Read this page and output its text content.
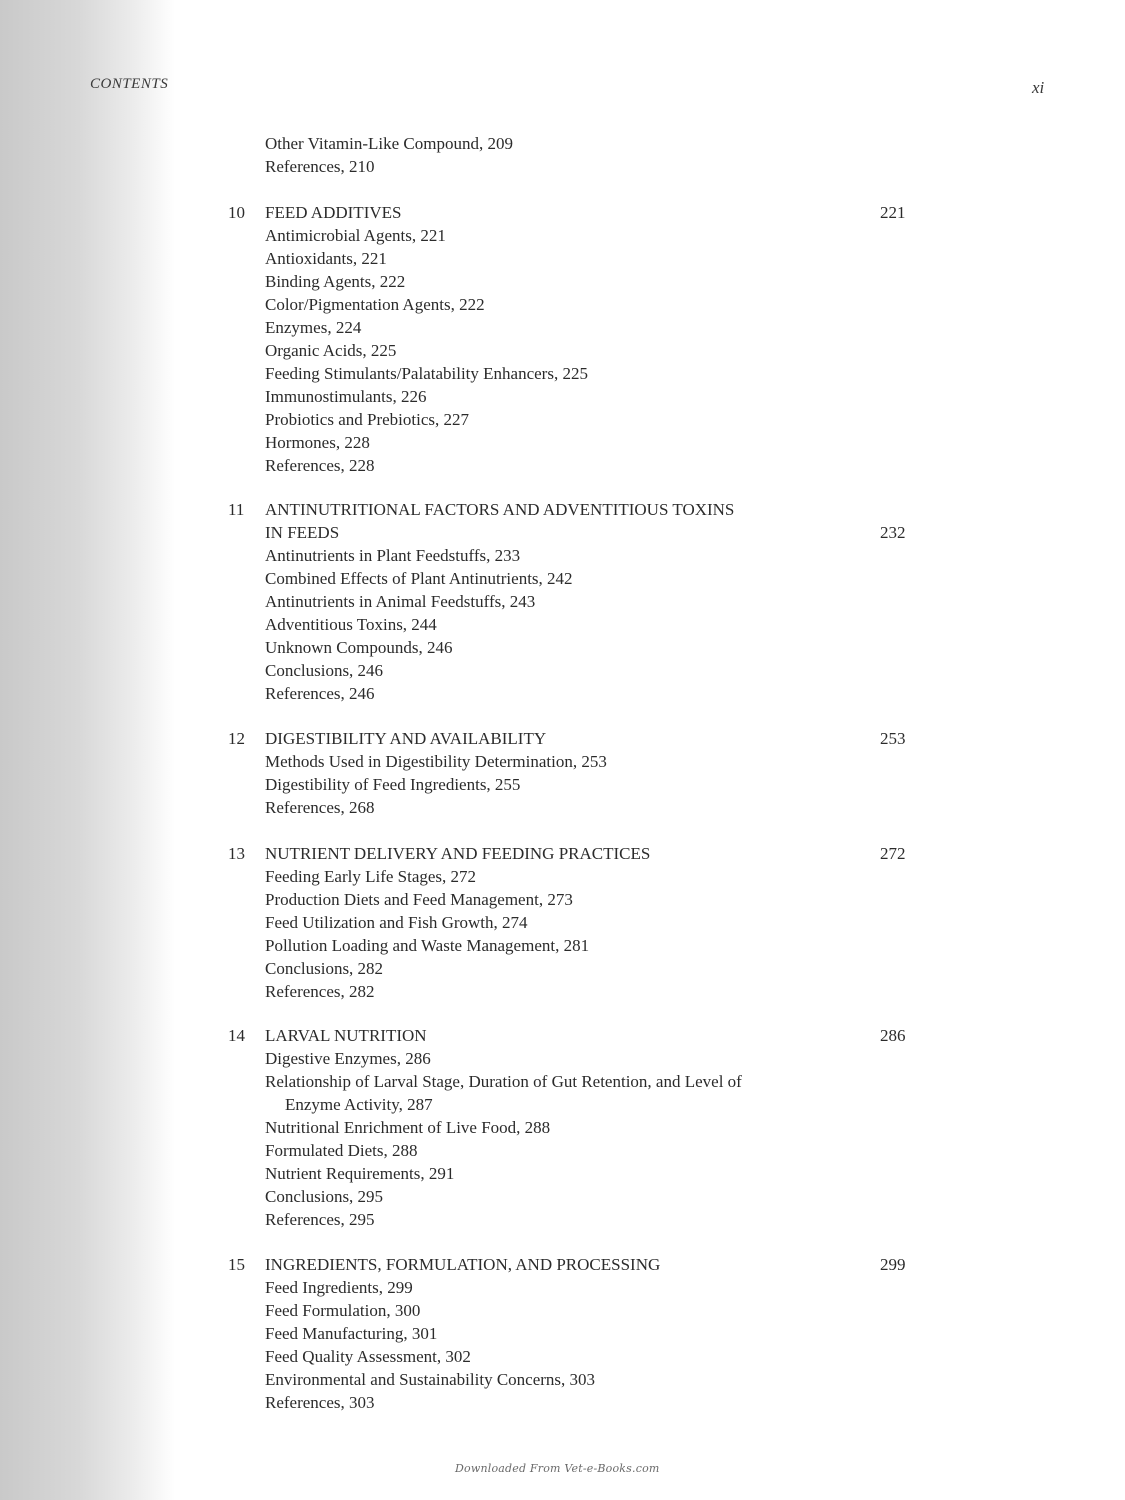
CONTENTS	xi
Other Vitamin-Like Compound, 209
References, 210
10	FEED ADDITIVES	221
Antimicrobial Agents, 221
Antioxidants, 221
Binding Agents, 222
Color/Pigmentation Agents, 222
Enzymes, 224
Organic Acids, 225
Feeding Stimulants/Palatability Enhancers, 225
Immunostimulants, 226
Probiotics and Prebiotics, 227
Hormones, 228
References, 228
11	ANTINUTRITIONAL FACTORS AND ADVENTITIOUS TOXINS
IN FEEDS	232
Antinutrients in Plant Feedstuffs, 233
Combined Effects of Plant Antinutrients, 242
Antinutrients in Animal Feedstuffs, 243
Adventitious Toxins, 244
Unknown Compounds, 246
Conclusions, 246
References, 246
12	DIGESTIBILITY AND AVAILABILITY	253
Methods Used in Digestibility Determination, 253
Digestibility of Feed Ingredients, 255
References, 268
13	NUTRIENT DELIVERY AND FEEDING PRACTICES	272
Feeding Early Life Stages, 272
Production Diets and Feed Management, 273
Feed Utilization and Fish Growth, 274
Pollution Loading and Waste Management, 281
Conclusions, 282
References, 282
14	LARVAL NUTRITION	286
Digestive Enzymes, 286
Relationship of Larval Stage, Duration of Gut Retention, and Level of
Enzyme Activity, 287
Nutritional Enrichment of Live Food, 288
Formulated Diets, 288
Nutrient Requirements, 291
Conclusions, 295
References, 295
15	INGREDIENTS, FORMULATION, AND PROCESSING	299
Feed Ingredients, 299
Feed Formulation, 300
Feed Manufacturing, 301
Feed Quality Assessment, 302
Environmental and Sustainability Concerns, 303
References, 303
Downloaded From Vet-e-Books.com
